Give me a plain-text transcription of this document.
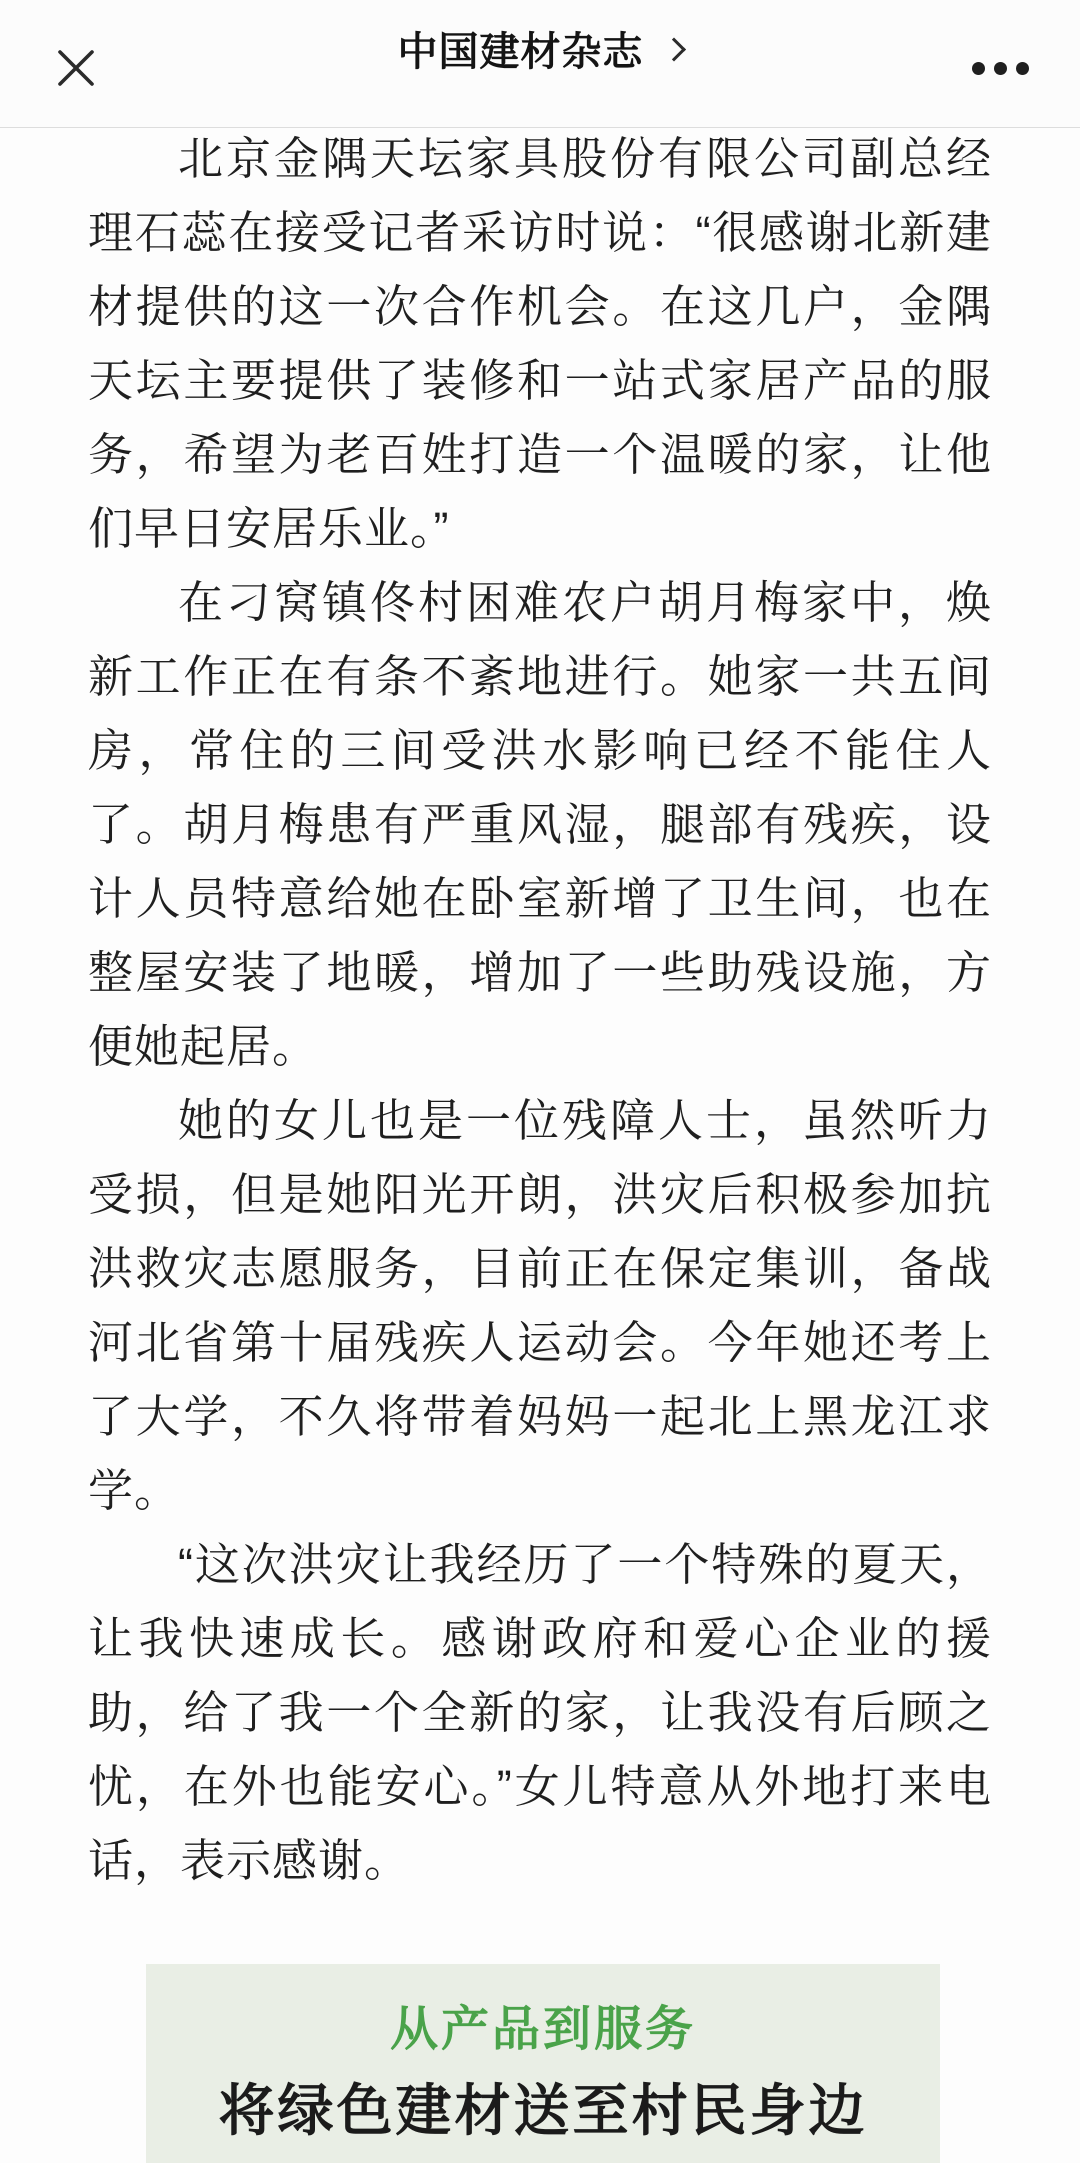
中国建材杂志

北京金隅天坛家具股份有限公司副总经理石蕊在接受记者采访时说：“很感谢北新建材提供的这一次合作机会。在这几户，金隅天坛主要提供了装修和一站式家居产品的服务，希望为老百姓打造一个温暖的家，让他们早日安居乐业。”

在刁窝镇佟村困难农户胡月梅家中，焕新工作正在有条不紊地进行。她家一共五间房，常住的三间受洪水影响已经不能住人了。胡月梅患有严重风湿，腿部有残疾，设计人员特意给她在卧室新增了卫生间，也在整屋安装了地暖，增加了一些助残设施，方便她起居。

她的女儿也是一位残障人士，虽然听力受损，但是她阳光开朗，洪灾后积极参加抗洪救灾志愿服务，目前正在保定集训，备战河北省第十届残疾人运动会。今年她还考上了大学，不久将带着妈妈一起北上黑龙江求学。

“这次洪灾让我经历了一个特殊的夏天，让我快速成长。感谢政府和爱心企业的援助，给了我一个全新的家，让我没有后顾之忧，在外也能安心。”女儿特意从外地打来电话，表示感谢。

从产品到服务
将绿色建材送至村民身边
